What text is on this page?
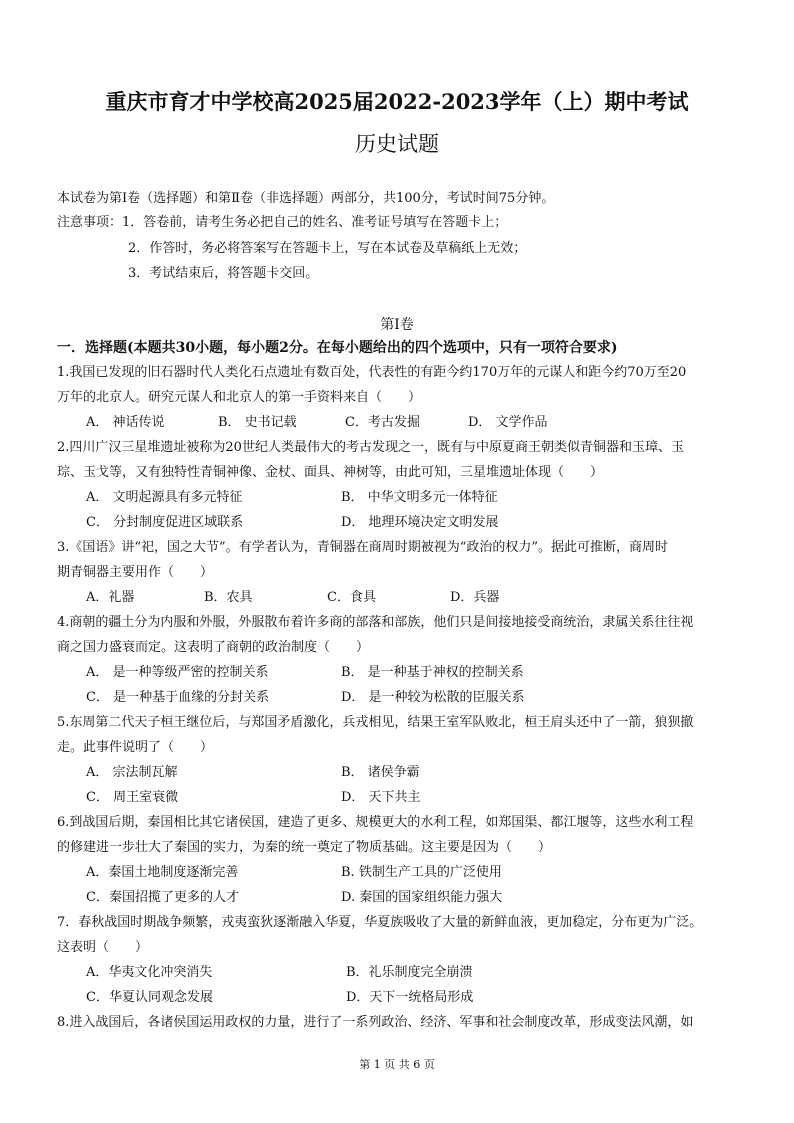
重庆市育才中学校高2025届2022-2023学年（上）期中考试
历史试题
本试卷为第Ⅰ卷（选择题）和第Ⅱ卷（非选择题）两部分，共100分，考试时间75分钟。
注意事项：1．答卷前，请考生务必把自己的姓名、准考证号填写在答题卡上；
2．作答时，务必将答案写在答题卡上，写在本试卷及草稿纸上无效；
3．考试结束后，将答题卡交回。
第Ⅰ卷
一．选择题(本题共30小题，每小题2分。在每小题给出的四个选项中，只有一项符合要求)
1.我国已发现的旧石器时代人类化石点遗址有数百处，代表性的有距今约170万年的元谋人和距今约70万至20
万年的北京人。研究元谋人和北京人的第一手资料来自（　　）
A． 神话传说	B． 史书记载	C．考古发掘	D． 文学作品
2.四川广汉三星堆遗址被称为20世纪人类最伟大的考古发现之一，既有与中原夏商王朝类似青铜器和玉璋、玉
琮、玉戈等，又有独特性青铜神像、金杖、面具、神树等，由此可知，三星堆遗址体现（　　）
A． 文明起源具有多元特征	B． 中华文明多元一体特征
C． 分封制度促进区域联系	D． 地理环境决定文明发展
3.《国语》讲“祀，国之大节”。有学者认为，青铜器在商周时期被视为“政治的权力”。据此可推断，商周时
期青铜器主要用作（　　）
A．礼器	B．农具	C．食具	D．兵器
4.商朝的疆土分为内服和外服，外服散布着许多商的部落和部族，他们只是间接地接受商统治，隶属关系往往视
商之国力盛衰而定。这表明了商朝的政治制度（　　）
A． 是一种等级严密的控制关系	B． 是一种基于神权的控制关系
C． 是一种基于血缘的分封关系	D． 是一种较为松散的臣服关系
5.东周第二代天子桓王继位后，与郑国矛盾激化，兵戎相见，结果王室军队败北，桓王肩头还中了一箭，狼狈撤
走。此事件说明了（　　）
A． 宗法制瓦解	B． 诸侯争霸
C． 周王室衰微	D． 天下共主
6.到战国后期，秦国相比其它诸侯国，建造了更多、规模更大的水利工程，如郑国渠、都江堰等，这些水利工程
的修建进一步壮大了秦国的实力，为秦的统一奠定了物质基础。这主要是因为（　　）
A．秦国土地制度逐渐完善	B. 铁制生产工具的广泛使用
C．秦国招揽了更多的人才	D. 秦国的国家组织能力强大
7．春秋战国时期战争频繁，戎夷蛮狄逐渐融入华夏，华夏族吸收了大量的新鲜血液，更加稳定，分布更为广泛。
这表明（　　）
A．华夷文化冲突消失	B．礼乐制度完全崩溃
C．华夏认同观念发展	D．天下一统格局形成
8.进入战国后，各诸侯国运用政权的力量，进行了一系列政治、经济、军事和社会制度改革，形成变法风潮，如
第 1 页 共 6 页
